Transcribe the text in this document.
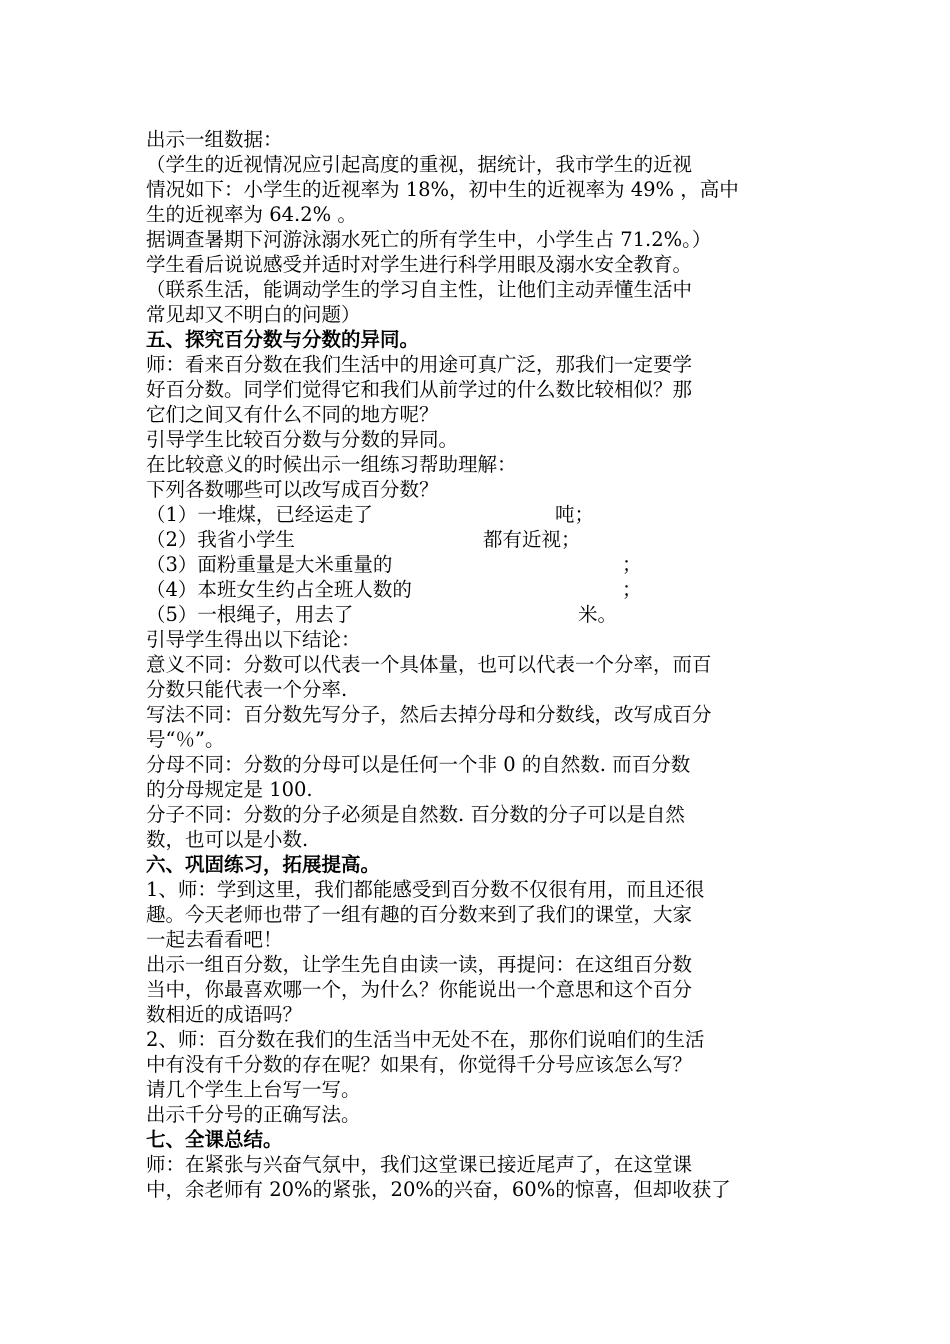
出示一组数据：
（学生的近视情况应引起高度的重视，据统计，我市学生的近视
情况如下：小学生的近视率为 18%，初中生的近视率为 49% ，高中
生的近视率为 64.2% 。
据调查暑期下河游泳溺水死亡的所有学生中，小学生占 71.2%。）
学生看后说说感受并适时对学生进行科学用眼及溺水安全教育。
（联系生活，能调动学生的学习自主性，让他们主动弄懂生活中
常见却又不明白的问题）
五、探究百分数与分数的异同。
师：看来百分数在我们生活中的用途可真广泛，那我们一定要学
好百分数。同学们觉得它和我们从前学过的什么数比较相似？那
它们之间又有什么不同的地方呢？
引导学生比较百分数与分数的异同。
在比较意义的时候出示一组练习帮助理解：
下列各数哪些可以改写成百分数？
（1）一堆煤，已经运走了	吨；
（2）我省小学生	都有近视；
（3）面粉重量是大米重量的	；
（4）本班女生约占全班人数的	；
（5）一根绳子，用去了	米。
引导学生得出以下结论：
意义不同：分数可以代表一个具体量，也可以代表一个分率，而百
分数只能代表一个分率.
写法不同：百分数先写分子，然后去掉分母和分数线，改写成百分
号“％”。
分母不同：分数的分母可以是任何一个非 0 的自然数. 而百分数
的分母规定是 100.
分子不同：分数的分子必须是自然数. 百分数的分子可以是自然
数，也可以是小数.
六、巩固练习，拓展提高。
1、师：学到这里，我们都能感受到百分数不仅很有用，而且还很
趣。今天老师也带了一组有趣的百分数来到了我们的课堂，大家
一起去看看吧！
出示一组百分数，让学生先自由读一读，再提问：在这组百分数
当中，你最喜欢哪一个，为什么？你能说出一个意思和这个百分
数相近的成语吗？
2、师：百分数在我们的生活当中无处不在，那你们说咱们的生活
中有没有千分数的存在呢？如果有，你觉得千分号应该怎么写？
请几个学生上台写一写。
出示千分号的正确写法。
七、全课总结。
师：在紧张与兴奋气氛中，我们这堂课已接近尾声了，在这堂课
中，余老师有 20%的紧张，20%的兴奋，60%的惊喜，但却收获了
